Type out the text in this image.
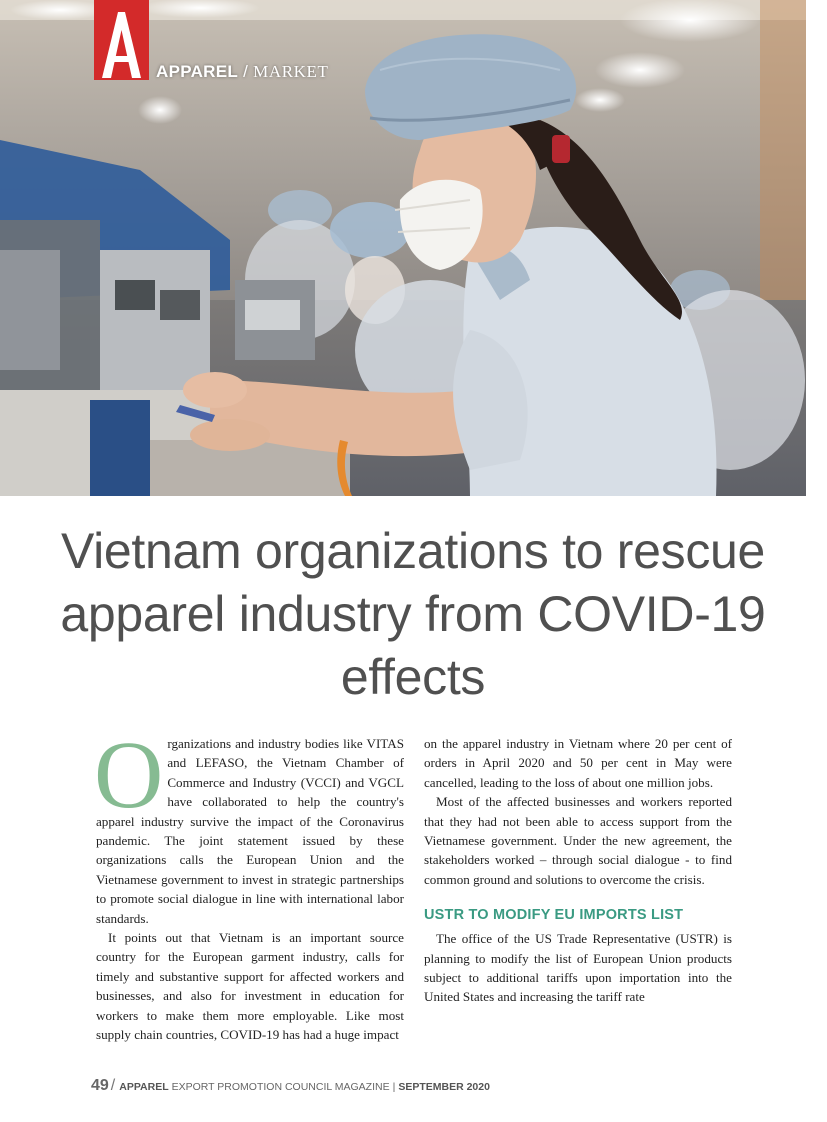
APPAREL / MARKET
Vietnam organizations to rescue apparel industry from COVID-19 effects

Organizations and industry bodies like VITAS and LEFASO, the Vietnam Chamber of Commerce and Industry (VCCI) and VGCL have collaborated to help the country's apparel industry survive the impact of the Coronavirus pandemic. The joint statement issued by these organizations calls the European Union and the Vietnamese government to invest in strategic partnerships to promote social dialogue in line with international labor standards.

It points out that Vietnam is an important source country for the European garment industry, calls for timely and substantive support for affected workers and businesses, and also for investment in education for workers to make them more employable. Like most supply chain countries, COVID-19 has had a huge impact

on the apparel industry in Vietnam where 20 per cent of orders in April 2020 and 50 per cent in May were cancelled, leading to the loss of about one million jobs.

Most of the affected businesses and workers reported that they had not been able to access support from the Vietnamese government. Under the new agreement, the stakeholders worked – through social dialogue - to find common ground and solutions to overcome the crisis.

USTR TO MODIFY EU IMPORTS LIST

The office of the US Trade Representative (USTR) is planning to modify the list of European Union products subject to additional tariffs upon importation into the United States and increasing the tariff rate

49 / APPAREL EXPORT PROMOTION COUNCIL MAGAZINE | SEPTEMBER 2020
